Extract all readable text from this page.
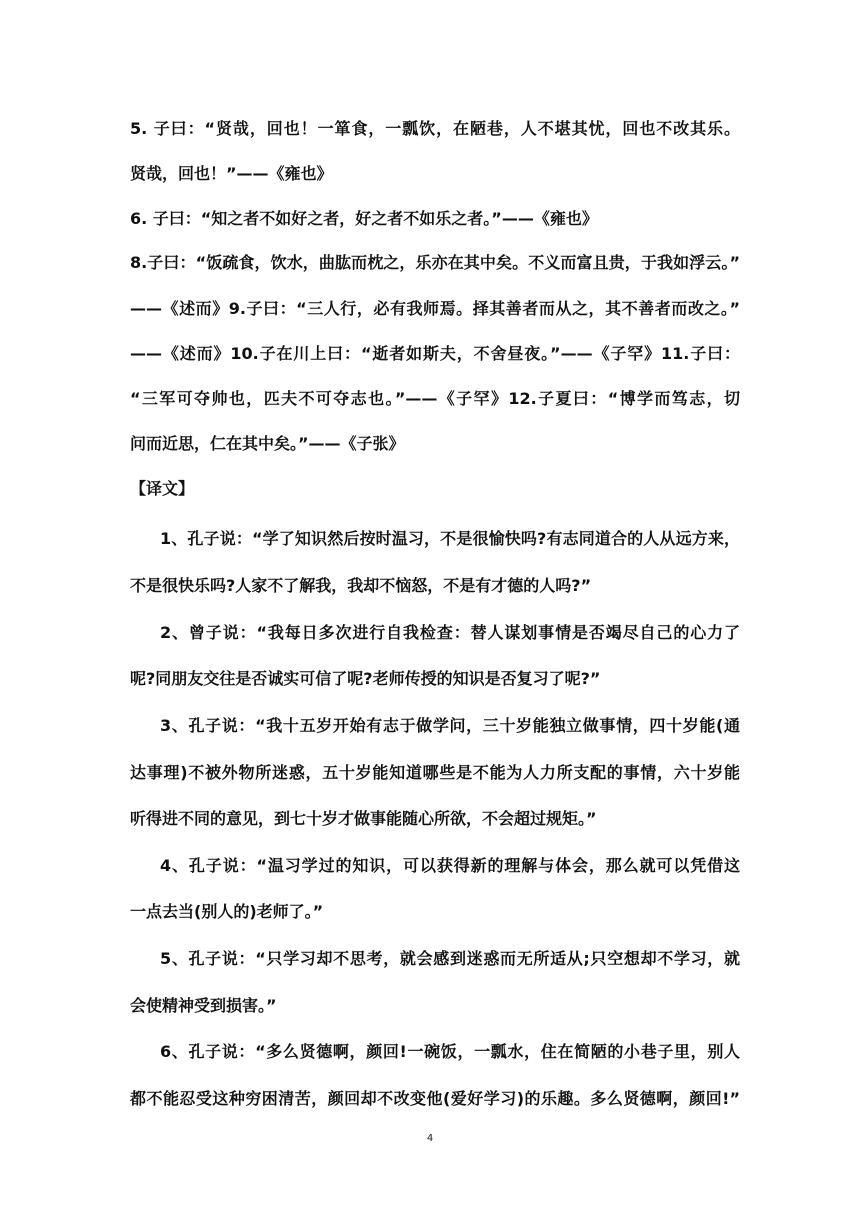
5. 子曰：“贤哉，回也！一箪食，一瓢饮，在陋巷，人不堪其忧，回也不改其乐。
贤哉，回也！”——《雍也》
6. 子曰：“知之者不如好之者，好之者不如乐之者。”——《雍也》
8.子曰：“饭疏食，饮水，曲肱而枕之，乐亦在其中矣。不义而富且贵，于我如浮云。”
——《述而》9.子曰：“三人行，必有我师焉。择其善者而从之，其不善者而改之。”
——《述而》10.子在川上曰：“逝者如斯夫，不舍昼夜。”——《子罕》11.子曰：
“三军可夺帅也，匹夫不可夺志也。”——《子罕》12.子夏曰：“博学而笃志，切
问而近思，仁在其中矣。”——《子张》
【译文】
1、孔子说：“学了知识然后按时温习，不是很愉快吗?有志同道合的人从远方来，
不是很快乐吗?人家不了解我，我却不恼怒，不是有才德的人吗?”
2、曾子说：“我每日多次进行自我检查：替人谋划事情是否竭尽自己的心力了
呢?同朋友交往是否诚实可信了呢?老师传授的知识是否复习了呢?”
3、孔子说：“我十五岁开始有志于做学问，三十岁能独立做事情，四十岁能(通
达事理)不被外物所迷惑，五十岁能知道哪些是不能为人力所支配的事情，六十岁能
听得进不同的意见，到七十岁才做事能随心所欲，不会超过规矩。”
4、孔子说：“温习学过的知识，可以获得新的理解与体会，那么就可以凭借这
一点去当(别人的)老师了。”
5、孔子说：“只学习却不思考，就会感到迷惑而无所适从;只空想却不学习，就
会使精神受到损害。”
6、孔子说：“多么贤德啊，颜回!一碗饭，一瓢水，住在简陋的小巷子里，别人
都不能忍受这种穷困清苦，颜回却不改变他(爱好学习)的乐趣。多么贤德啊，颜回!”
4
